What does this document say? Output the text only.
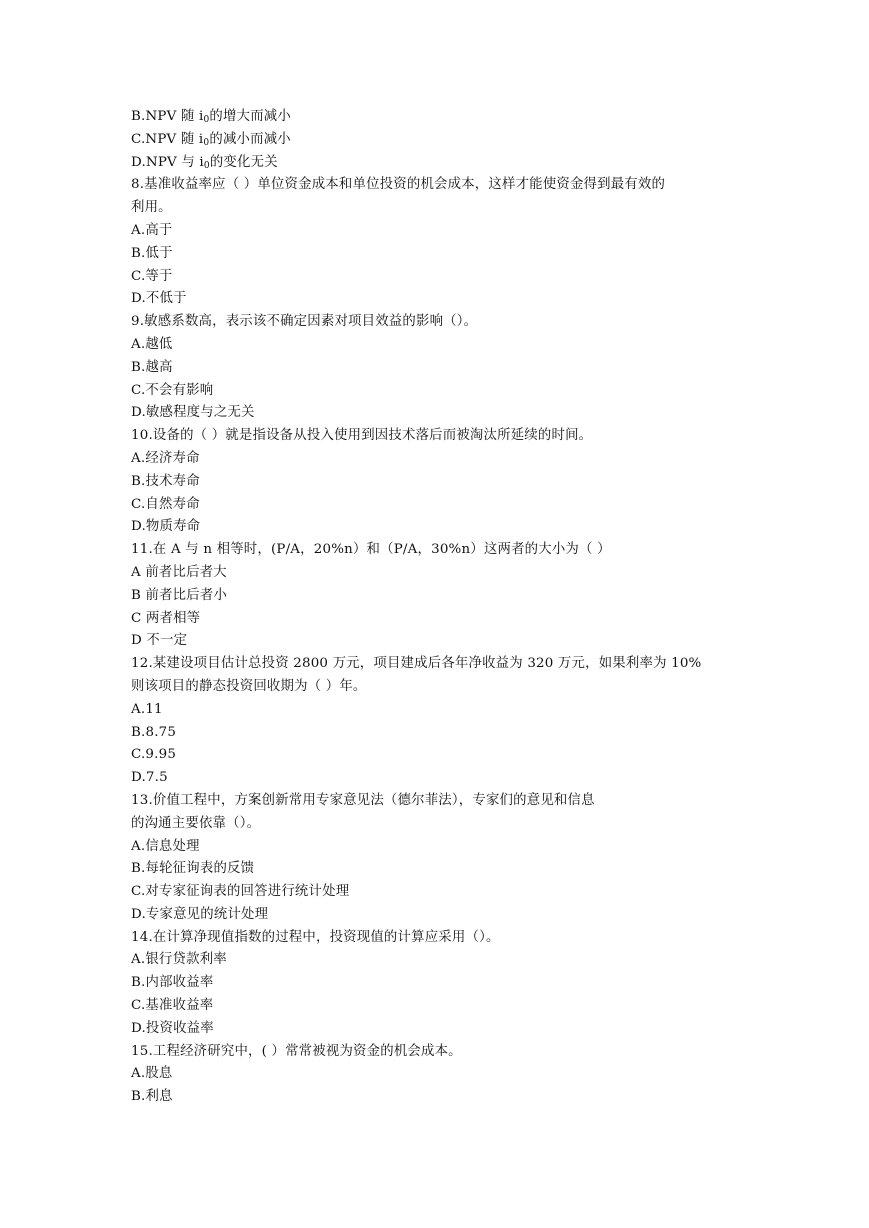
B.NPV 随 $i_0$的增大而减小
C.NPV 随 $i_0$的减小而减小
D.NPV 与 $i_0$的变化无关
8.基准收益率应（ ）单位资金成本和单位投资的机会成本，这样才能使资金得到最有效的
利用。
A.高于
B.低于
C.等于
D.不低于
9.敏感系数高，表示该不确定因素对项目效益的影响（）。
A.越低
B.越高
C.不会有影响
D.敏感程度与之无关
10.设备的（ ）就是指设备从投入使用到因技术落后而被淘汰所延续的时间。
A.经济寿命
B.技术寿命
C.自然寿命
D.物质寿命
11.在 A 与 n 相等时，(P/A，20%n）和（P/A，30%n）这两者的大小为（ ）
A 前者比后者大
B 前者比后者小
C 两者相等
D 不一定
12.某建设项目估计总投资 2800 万元，项目建成后各年净收益为 320 万元，如果利率为 10%
则该项目的静态投资回收期为（ ）年。
A.11
B.8.75
C.9.95
D.7.5
13.价值工程中，方案创新常用专家意见法（德尔菲法），专家们的意见和信息
的沟通主要依靠（）。
A.信息处理
B.每轮征询表的反馈
C.对专家征询表的回答进行统计处理
D.专家意见的统计处理
14.在计算净现值指数的过程中，投资现值的计算应采用（）。
A.银行贷款利率
B.内部收益率
C.基准收益率
D.投资收益率
15.工程经济研究中，( ）常常被视为资金的机会成本。
A.股息
B.利息
